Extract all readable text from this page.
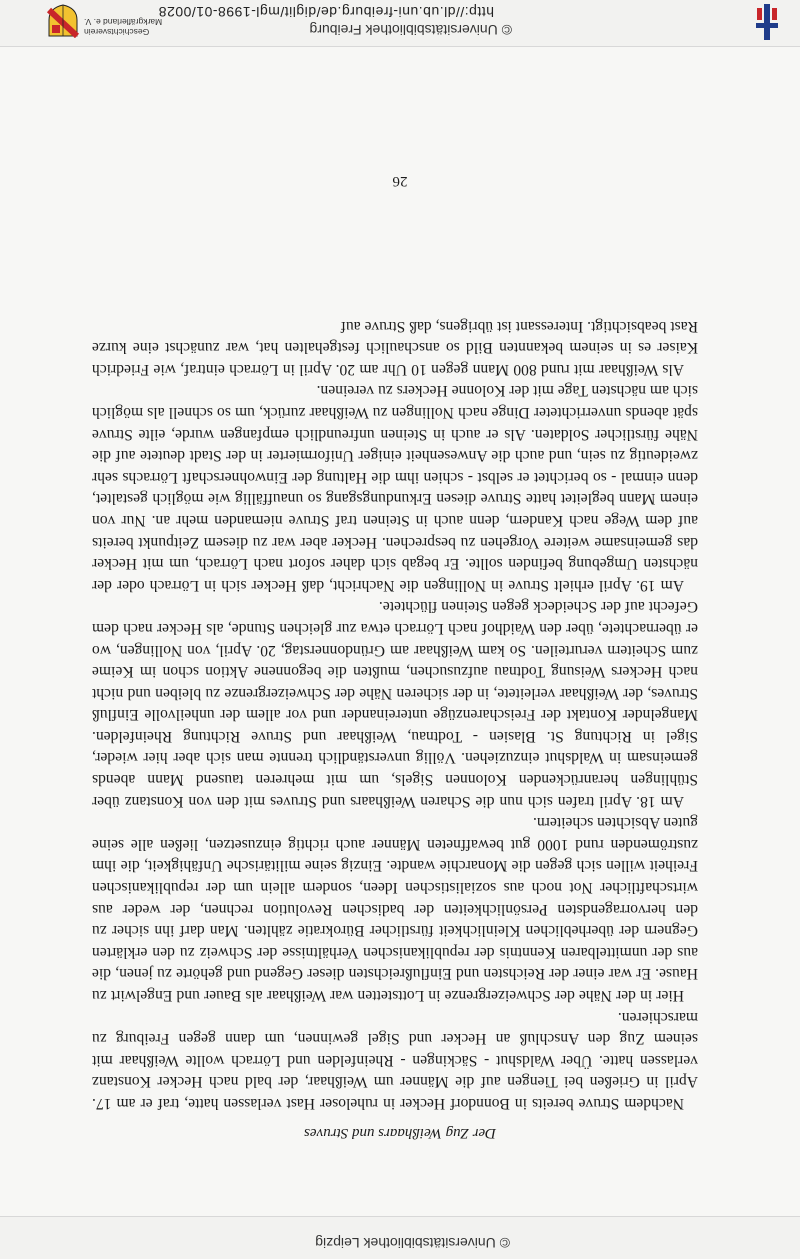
© Universitätsbibliothek Leipzig
Der Zug Weißhaars und Struves

Nachdem Struve bereits in Bonndorf Hecker in ruheloser Hast verlassen hatte, traf er am 17. April in Grießen bei Tiengen auf die Männer um Weißhaar, der bald nach Hecker Konstanz verlassen hatte. Über Waldshut - Säckingen - Rheinfelden und Lörrach wollte Weißhaar mit seinem Zug den Anschluß an Hecker und Sigel gewinnen, um dann gegen Freiburg zu marschieren.

Hier in der Nähe der Schweizergrenze in Lottstetten war Weißhaar als Bauer und Engelwirt zu Hause. Er war einer der Reichsten und Einflußreichsten dieser Gegend und gehörte zu jenen, die aus der unmittelbaren Kenntnis der republikanischen Verhältnisse der Schweiz zu den erklärten Gegnern der überheblichen Kleinlichkeit fürstlicher Bürokratie zählten. Man darf ihn sicher zu den hervorragendsten Persönlichkeiten der badischen Revolution rechnen, der weder aus wirtschaftlicher Not noch aus sozialistischen Ideen, sondern allein um der republikanischen Freiheit willen sich gegen die Monarchie wandte. Einzig seine militärische Unfähigkeit, die ihm zuströmenden rund 1000 gut bewaffneten Männer auch richtig einzusetzen, ließen alle seine guten Absichten scheitern.

Am 18. April trafen sich nun die Scharen Weißhaars und Struves mit den von Konstanz über Stühlingen heranrückenden Kolonnen Sigels, um mit mehreren tausend Mann abends gemeinsam in Waldshut einzuziehen. Völlig unverständlich trennte man sich aber hier wieder, Sigel in Richtung St. Blasien - Todtnau, Weißhaar und Struve Richtung Rheinfelden. Mangelnder Kontakt der Freischarenzüge untereinander und vor allem der unheilvolle Einfluß Struves, der Weißhaar verleitete, in der sicheren Nähe der Schweizergrenze zu bleiben und nicht nach Heckers Weisung Todtnau aufzusuchen, mußten die begonnene Aktion schon im Keime zum Scheitern verurteilen. So kam Weißhaar am Gründonnerstag, 20. April, von Nollingen, wo er übernachtete, über den Waidhof nach Lörrach etwa zur gleichen Stunde, als Hecker nach dem Gefecht auf der Scheideck gegen Steinen flüchtete.

Am 19. April erhielt Struve in Nollingen die Nachricht, daß Hecker sich in Lörrach oder der nächsten Umgebung befinden sollte. Er begab sich daher sofort nach Lörrach, um mit Hecker das gemeinsame weitere Vorgehen zu besprechen. Hecker aber war zu diesem Zeitpunkt bereits auf dem Wege nach Kandern, denn auch in Steinen traf Struve niemanden mehr an. Nur von einem Mann begleitet hatte Struve diesen Erkundungsgang so unauffällig wie möglich gestaltet, denn einmal - so berichtet er selbst - schien ihm die Haltung der Einwohnerschaft Lörrachs sehr zweideutig zu sein, und auch die Anwesenheit einiger Uniformierter in der Stadt deutete auf die Nähe fürstlicher Soldaten. Als er auch in Steinen unfreundlich empfangen wurde, eilte Struve spät abends unverrichteter Dinge nach Nollingen zu Weißhaar zurück, um so schnell als möglich sich am nächsten Tage mit der Kolonne Heckers zu vereinen.

Als Weißhaar mit rund 800 Mann gegen 10 Uhr am 20. April in Lörrach eintraf, wie Friedrich Kaiser es in seinem bekannten Bild so anschaulich festgehalten hat, war zunächst eine kurze Rast beabsichtigt. Interessant ist übrigens, daß Struve auf

26
© Universitätsbibliothek Freiburg
http://dl.ub.uni-freiburg.de/diglit/mgl-1998-01/0028
Geschichtsverein
Markgräflerland e. V.
